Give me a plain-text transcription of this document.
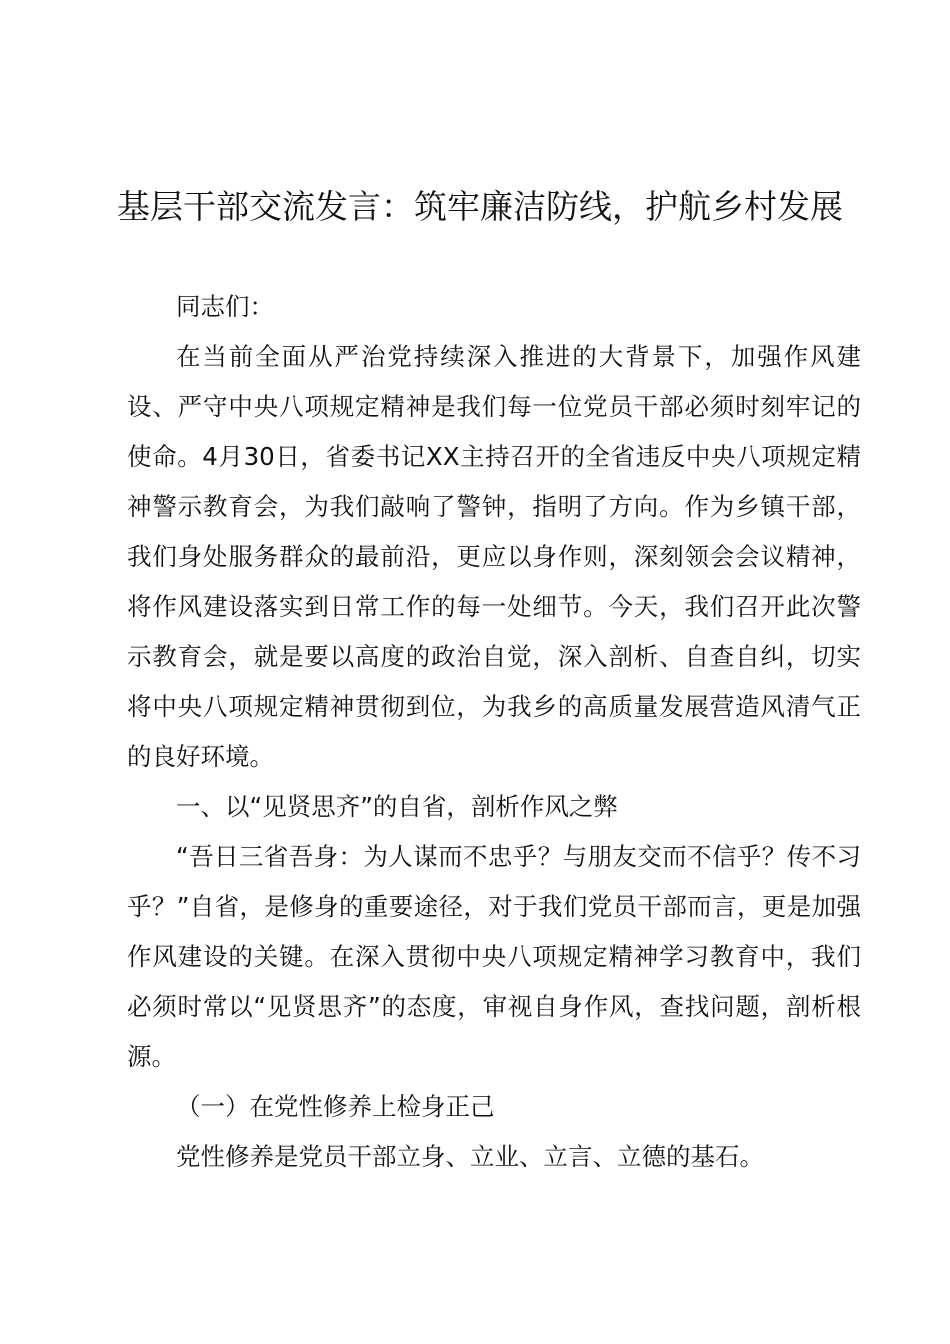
基层干部交流发言：筑牢廉洁防线，护航乡村发展

同志们：

在当前全面从严治党持续深入推进的大背景下，加强作风建设、严守中央八项规定精神是我们每一位党员干部必须时刻牢记的使命。4月30日，省委书记XX主持召开的全省违反中央八项规定精神警示教育会，为我们敲响了警钟，指明了方向。作为乡镇干部，我们身处服务群众的最前沿，更应以身作则，深刻领会会议精神，将作风建设落实到日常工作的每一处细节。今天，我们召开此次警示教育会，就是要以高度的政治自觉，深入剖析、自查自纠，切实将中央八项规定精神贯彻到位，为我乡的高质量发展营造风清气正的良好环境。

一、以“见贤思齐”的自省，剖析作风之弊

“吾日三省吾身：为人谋而不忠乎？与朋友交而不信乎？传不习乎？”自省，是修身的重要途径，对于我们党员干部而言，更是加强作风建设的关键。在深入贯彻中央八项规定精神学习教育中，我们必须时常以“见贤思齐”的态度，审视自身作风，查找问题，剖析根源。

（一）在党性修养上检身正己

党性修养是党员干部立身、立业、立言、立德的基石。
